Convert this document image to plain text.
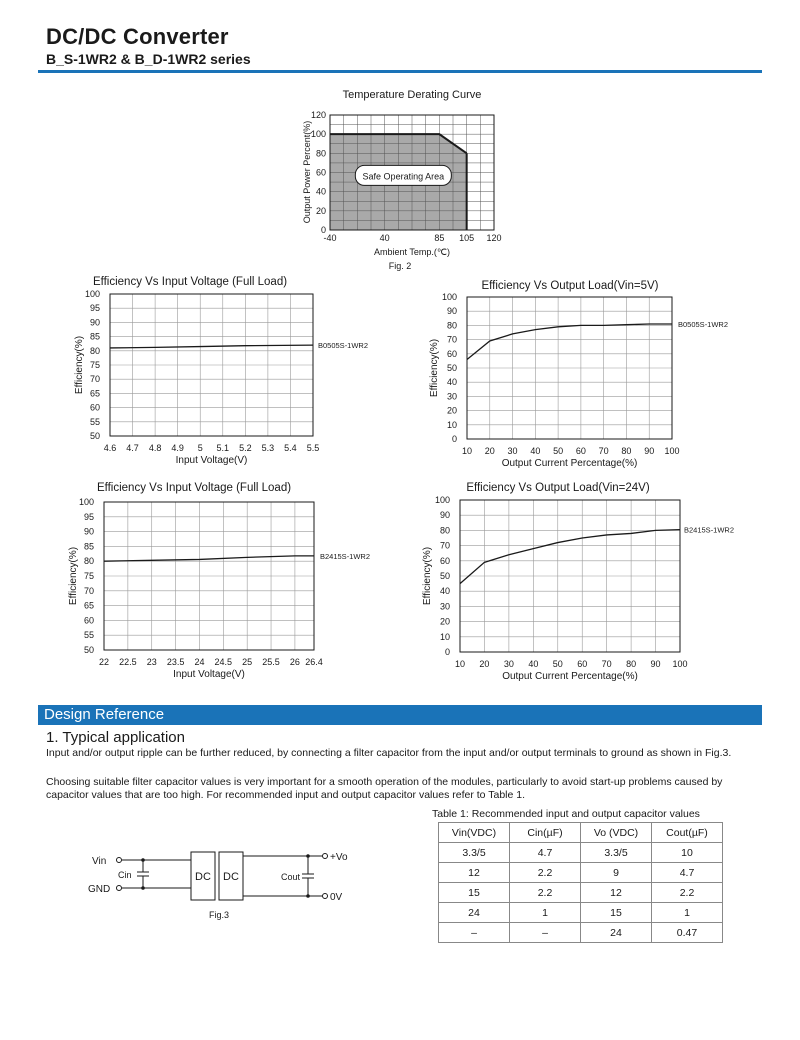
DC/DC Converter
B_S-1WR2 & B_D-1WR2 series
Temperature Derating Curve
Safe Operating Area
0
20
40
60
80
100
120
-40	40	85 105 120
Ambient Temp.(℃)
Output Power Percent(%)
Fig. 2
Efficiency Vs Input Voltage (Full Load)
50
55
60
65
70
75
80
85
90
95
100
4.6 4.7 4.8 4.9 5 5.1 5.2 5.3 5.4 5.5
Input Voltage(V)
Efficiency(%)	B0505S-1WR2
Efficiency Vs Output Load(Vin=5V)
0
10
20
30
40
50
60
70
80
90
100
10 20 30 40 50 60 70 80 90 100
Output Current Percentage(%)
Efficiency(%)
B0505S-1WR2
Efficiency Vs Input Voltage (Full Load)
50
55
60
65
70
75
80
85
90
95
100
22 22.5 23 23.5 24 24.5 25 25.5 26 26.4
Input Voltage(V)
Efficiency(%)	B2415S-1WR2
Efficiency Vs Output Load(Vin=24V)
0
10
20
30
40
50
60
70
80
90
100
10 20 30 40 50 60 70 80 90 100
Output Current Percentage(%)
Efficiency(%)
B2415S-1WR2
Design Reference
1. Typical application
Input and/or output ripple can be further reduced, by connecting a filter capacitor from the input and/or output terminals to ground as shown in Fig.3.
Choosing suitable filter capacitor values is very important for a smooth operation of the modules, particularly to avoid start-up problems caused by capacitor values that are too high. For recommended input and output capacitor values refer to Table 1.
Vin
GND
Cin	Cout
+Vo
0V
DC DC
Fig.3
Table 1: Recommended input and output capacitor values
Vin(VDC)	Cin(µF)	Vo (VDC)	Cout(µF)
3.3/5	4.7	3.3/5	10
12	2.2	9	4.7
15	2.2	12	2.2
24	1	15	1
–	–	24	0.47
